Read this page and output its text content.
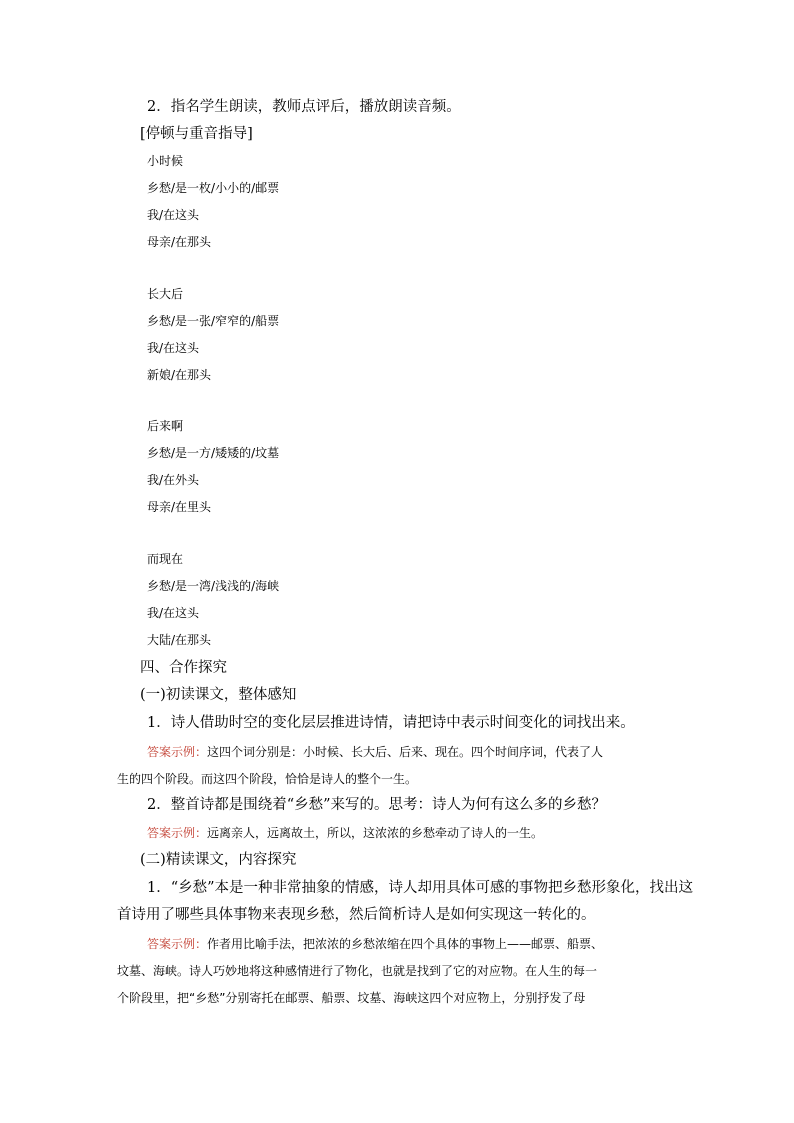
2．指名学生朗读，教师点评后，播放朗读音频。
[停顿与重音指导]
小时候
乡愁/是一枚/小小的/邮票
我/在这头
母亲/在那头
长大后
乡愁/是一张/窄窄的/船票
我/在这头
新娘/在那头
后来啊
乡愁/是一方/矮矮的/坟墓
我/在外头
母亲/在里头
而现在
乡愁/是一湾/浅浅的/海峡
我/在这头
大陆/在那头
四、合作探究
(一)初读课文，整体感知
1．诗人借助时空的变化层层推进诗情，请把诗中表示时间变化的词找出来。
答案示例：这四个词分别是：小时候、长大后、后来、现在。四个时间序词，代表了人
生的四个阶段。而这四个阶段，恰恰是诗人的整个一生。
2．整首诗都是围绕着“乡愁”来写的。思考：诗人为何有这么多的乡愁？
答案示例：远离亲人，远离故土，所以，这浓浓的乡愁牵动了诗人的一生。
(二)精读课文，内容探究
1．“乡愁”本是一种非常抽象的情感，诗人却用具体可感的事物把乡愁形象化，找出这
首诗用了哪些具体事物来表现乡愁，然后简析诗人是如何实现这一转化的。
答案示例：作者用比喻手法，把浓浓的乡愁浓缩在四个具体的事物上——邮票、船票、
坟墓、海峡。诗人巧妙地将这种感情进行了物化，也就是找到了它的对应物。在人生的每一
个阶段里，把“乡愁”分别寄托在邮票、船票、坟墓、海峡这四个对应物上，分别抒发了母
